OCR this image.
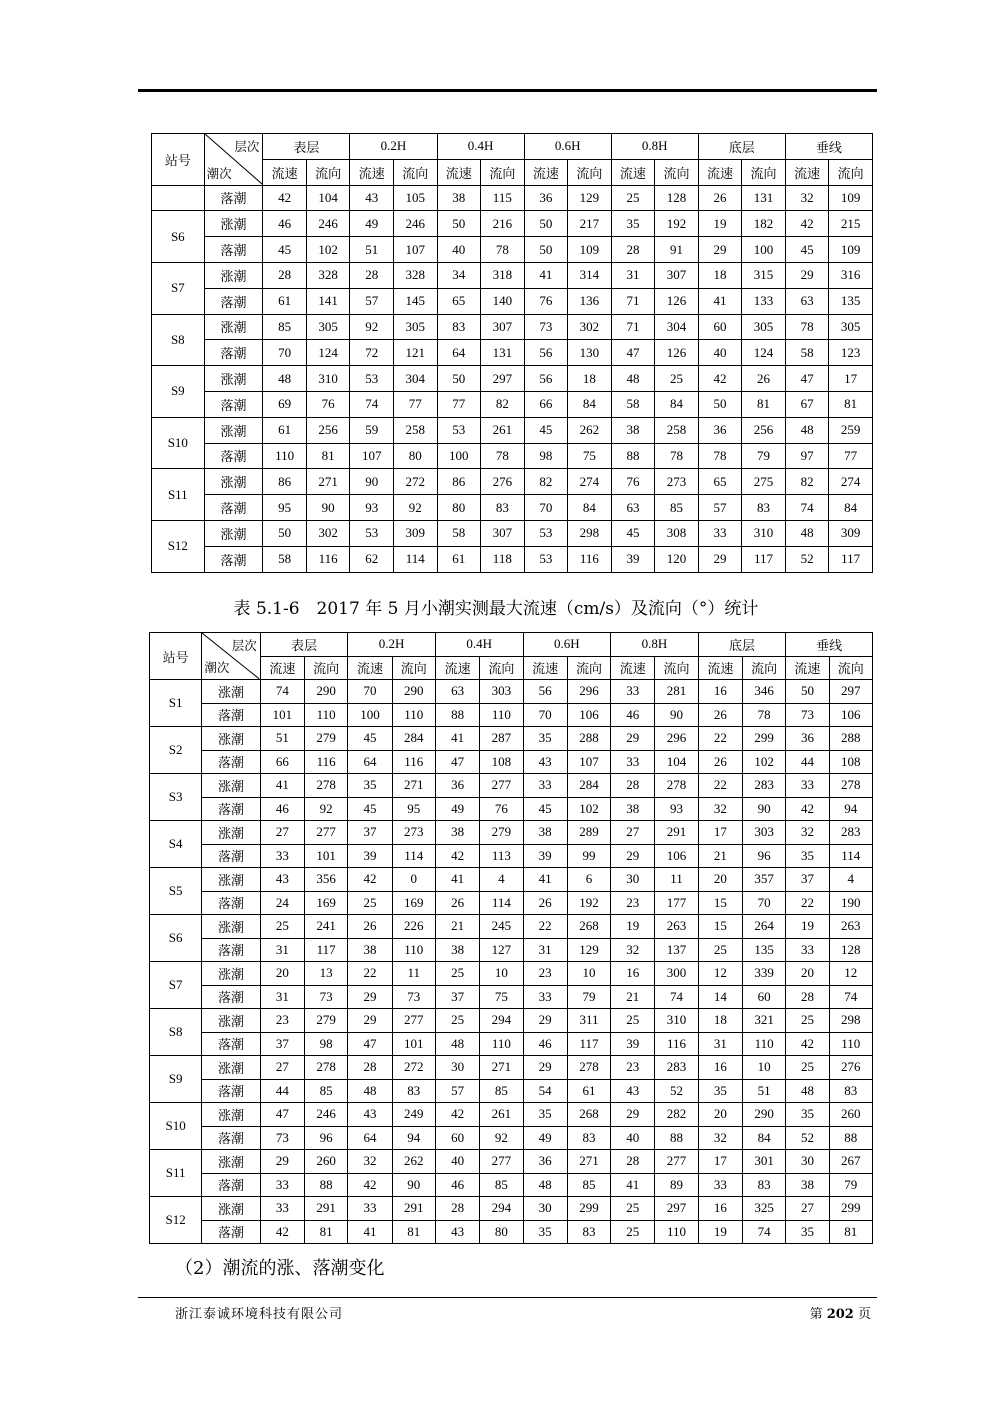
站号	层次
潮次	表层		0.2H		0.4H		0.6H		0.8H		底层		垂线	
		流速	流向	流速	流向	流速	流向	流速	流向	流速	流向	流速	流向	流速	流向
	落潮	42	104	43	105	38	115	36	129	25	128	26	131	32	109
S6	涨潮	46	246	49	246	50	216	50	217	35	192	19	182	42	215
	落潮	45	102	51	107	40	78	50	109	28	91	29	100	45	109
S7	涨潮	28	328	28	328	34	318	41	314	31	307	18	315	29	316
	落潮	61	141	57	145	65	140	76	136	71	126	41	133	63	135
S8	涨潮	85	305	92	305	83	307	73	302	71	304	60	305	78	305
	落潮	70	124	72	121	64	131	56	130	47	126	40	124	58	123
S9	涨潮	48	310	53	304	50	297	56	18	48	25	42	26	47	17
	落潮	69	76	74	77	77	82	66	84	58	84	50	81	67	81
S10	涨潮	61	256	59	258	53	261	45	262	38	258	36	256	48	259
	落潮	110	81	107	80	100	78	98	75	88	78	78	79	97	77
S11	涨潮	86	271	90	272	86	276	82	274	76	273	65	275	82	274
	落潮	95	90	93	92	80	83	70	84	63	85	57	83	74	84
S12	涨潮	50	302	53	309	58	307	53	298	45	308	33	310	48	309
	落潮	58	116	62	114	61	118	53	116	39	120	29	117	52	117
表 5.1-6　2017 年 5 月小潮实测最大流速（cm/s）及流向（°）统计
站号	层次
潮次	表层		0.2H		0.4H		0.6H		0.8H		底层		垂线	
		流速	流向	流速	流向	流速	流向	流速	流向	流速	流向	流速	流向	流速	流向
S1	涨潮	74	290	70	290	63	303	56	296	33	281	16	346	50	297
	落潮	101	110	100	110	88	110	70	106	46	90	26	78	73	106
S2	涨潮	51	279	45	284	41	287	35	288	29	296	22	299	36	288
	落潮	66	116	64	116	47	108	43	107	33	104	26	102	44	108
S3	涨潮	41	278	35	271	36	277	33	284	28	278	22	283	33	278
	落潮	46	92	45	95	49	76	45	102	38	93	32	90	42	94
S4	涨潮	27	277	37	273	38	279	38	289	27	291	17	303	32	283
	落潮	33	101	39	114	42	113	39	99	29	106	21	96	35	114
S5	涨潮	43	356	42	0	41	4	41	6	30	11	20	357	37	4
	落潮	24	169	25	169	26	114	26	192	23	177	15	70	22	190
S6	涨潮	25	241	26	226	21	245	22	268	19	263	15	264	19	263
	落潮	31	117	38	110	38	127	31	129	32	137	25	135	33	128
S7	涨潮	20	13	22	11	25	10	23	10	16	300	12	339	20	12
	落潮	31	73	29	73	37	75	33	79	21	74	14	60	28	74
S8	涨潮	23	279	29	277	25	294	29	311	25	310	18	321	25	298
	落潮	37	98	47	101	48	110	46	117	39	116	31	110	42	110
S9	涨潮	27	278	28	272	30	271	29	278	23	283	16	10	25	276
	落潮	44	85	48	83	57	85	54	61	43	52	35	51	48	83
S10	涨潮	47	246	43	249	42	261	35	268	29	282	20	290	35	260
	落潮	73	96	64	94	60	92	49	83	40	88	32	84	52	88
S11	涨潮	29	260	32	262	40	277	36	271	28	277	17	301	30	267
	落潮	33	88	42	90	46	85	48	85	41	89	33	83	38	79
S12	涨潮	33	291	33	291	28	294	30	299	25	297	16	325	27	299
	落潮	42	81	41	81	43	80	35	83	25	110	19	74	35	81
（2）潮流的涨、落潮变化
浙江泰诚环境科技有限公司	第 202 页
